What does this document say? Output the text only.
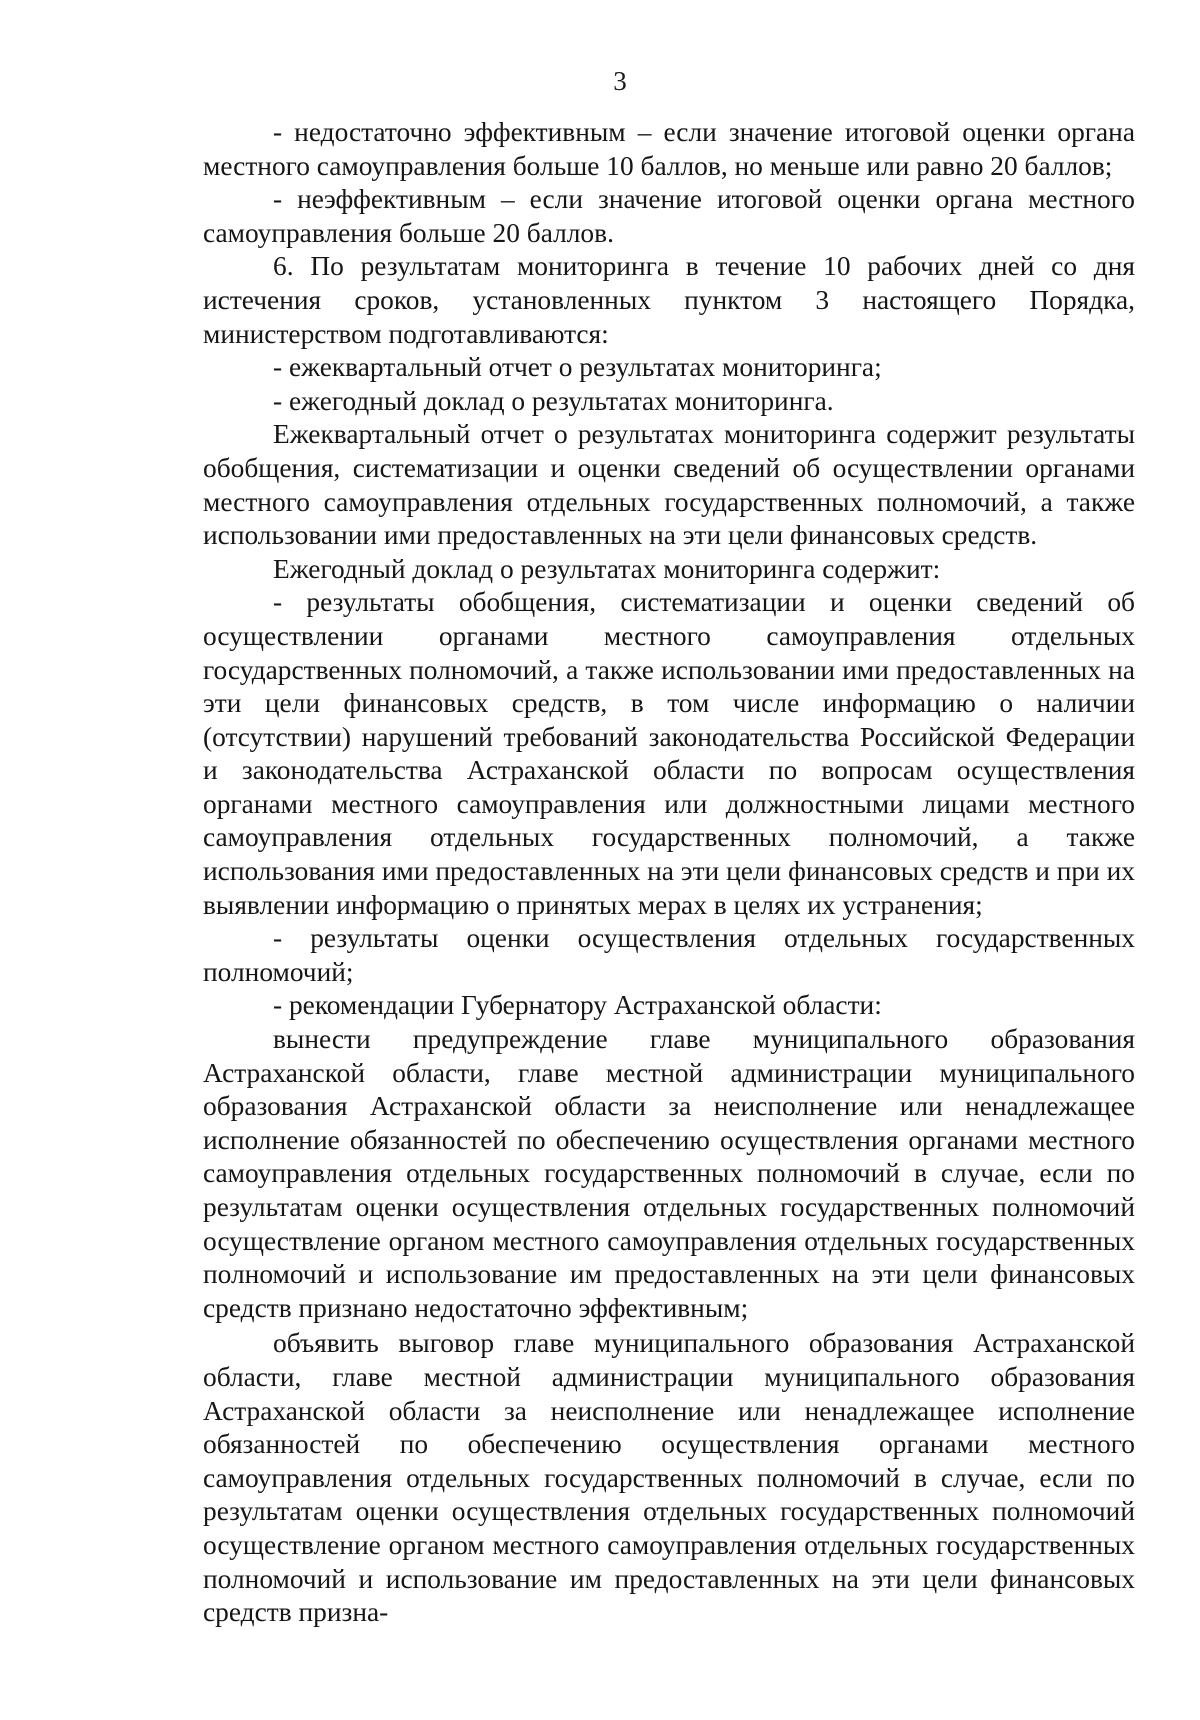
3

- недостаточно эффективным – если значение итоговой оценки органа местного самоуправления больше 10 баллов, но меньше или равно 20 баллов;

- неэффективным – если значение итоговой оценки органа местного самоуправления больше 20 баллов.

6. По результатам мониторинга в течение 10 рабочих дней со дня истечения сроков, установленных пунктом 3 настоящего Порядка, министерством подготавливаются:

- ежеквартальный отчет о результатах мониторинга;

- ежегодный доклад о результатах мониторинга.

Ежеквартальный отчет о результатах мониторинга содержит результаты обобщения, систематизации и оценки сведений об осуществлении органами местного самоуправления отдельных государственных полномочий, а также использовании ими предоставленных на эти цели финансовых средств.

Ежегодный доклад о результатах мониторинга содержит:

- результаты обобщения, систематизации и оценки сведений об осуществлении органами местного самоуправления отдельных государственных полномочий, а также использовании ими предоставленных на эти цели финансовых средств, в том числе информацию о наличии (отсутствии) нарушений требований законодательства Российской Федерации и законодательства Астраханской области по вопросам осуществления органами местного самоуправления или должностными лицами местного самоуправления отдельных государственных полномочий, а также использования ими предоставленных на эти цели финансовых средств и при их выявлении информацию о принятых мерах в целях их устранения;

- результаты оценки осуществления отдельных государственных полномочий;

- рекомендации Губернатору Астраханской области:

вынести предупреждение главе муниципального образования Астраханской области, главе местной администрации муниципального образования Астраханской области за неисполнение или ненадлежащее исполнение обязанностей по обеспечению осуществления органами местного самоуправления отдельных государственных полномочий в случае, если по результатам оценки осуществления отдельных государственных полномочий осуществление органом местного самоуправления отдельных государственных полномочий и использование им предоставленных на эти цели финансовых средств признано недостаточно эффективным;

объявить выговор главе муниципального образования Астраханской области, главе местной администрации муниципального образования Астраханской области за неисполнение или ненадлежащее исполнение обязанностей по обеспечению осуществления органами местного самоуправления отдельных государственных полномочий в случае, если по результатам оценки осуществления отдельных государственных полномочий осуществление органом местного самоуправления отдельных государственных полномочий и использование им предоставленных на эти цели финансовых средств призна-
